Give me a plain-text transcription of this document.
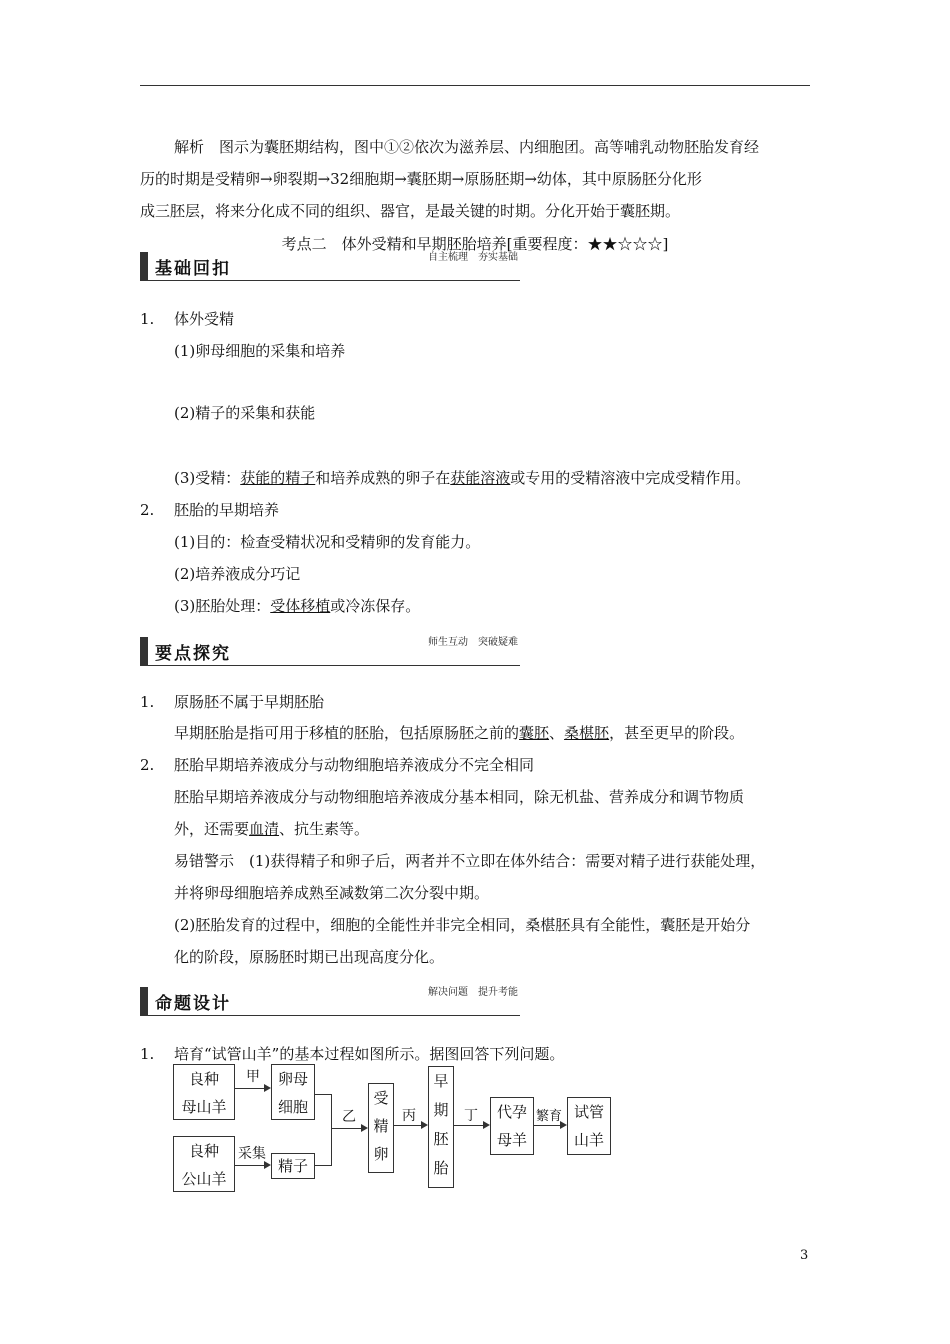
解析　图示为囊胚期结构，图中①②依次为滋养层、内细胞团。高等哺乳动物胚胎发育经
历的时期是受精卵→卵裂期→32细胞期→囊胚期→原肠胚期→幼体，其中原肠胚分化形
成三胚层，将来分化成不同的组织、器官，是最关键的时期。分化开始于囊胚期。
考点二　体外受精和早期胚胎培养[重要程度：★★☆☆☆]
基础回扣
自主梳理　夯实基础
1. 体外受精
(1)卵母细胞的采集和培养
(2)精子的采集和获能
(3)受精：获能的精子和培养成熟的卵子在获能溶液或专用的受精溶液中完成受精作用。
2. 胚胎的早期培养
(1)目的：检查受精状况和受精卵的发育能力。
(2)培养液成分巧记
(3)胚胎处理：受体移植或冷冻保存。
要点探究
师生互动　突破疑难
1. 原肠胚不属于早期胚胎
早期胚胎是指可用于移植的胚胎，包括原肠胚之前的囊胚、桑椹胚，甚至更早的阶段。
2. 胚胎早期培养液成分与动物细胞培养液成分不完全相同
胚胎早期培养液成分与动物细胞培养液成分基本相同，除无机盐、营养成分和调节物质
外，还需要血清、抗生素等。
易错警示　(1)获得精子和卵子后，两者并不立即在体外结合：需要对精子进行获能处理，
并将卵母细胞培养成熟至减数第二次分裂中期。
(2)胚胎发育的过程中，细胞的全能性并非完全相同，桑椹胚具有全能性，囊胚是开始分
化的阶段，原肠胚时期已出现高度分化。
命题设计
解决问题　提升考能
1. 培育“试管山羊”的基本过程如图所示。据图回答下列问题。
良种
母山羊
卵母
细胞
良种
公山羊
精子
受
精
卵
早
期
胚
胎
代孕
母羊
试管
山羊
甲
采集
乙	丙	丁	繁育
3
